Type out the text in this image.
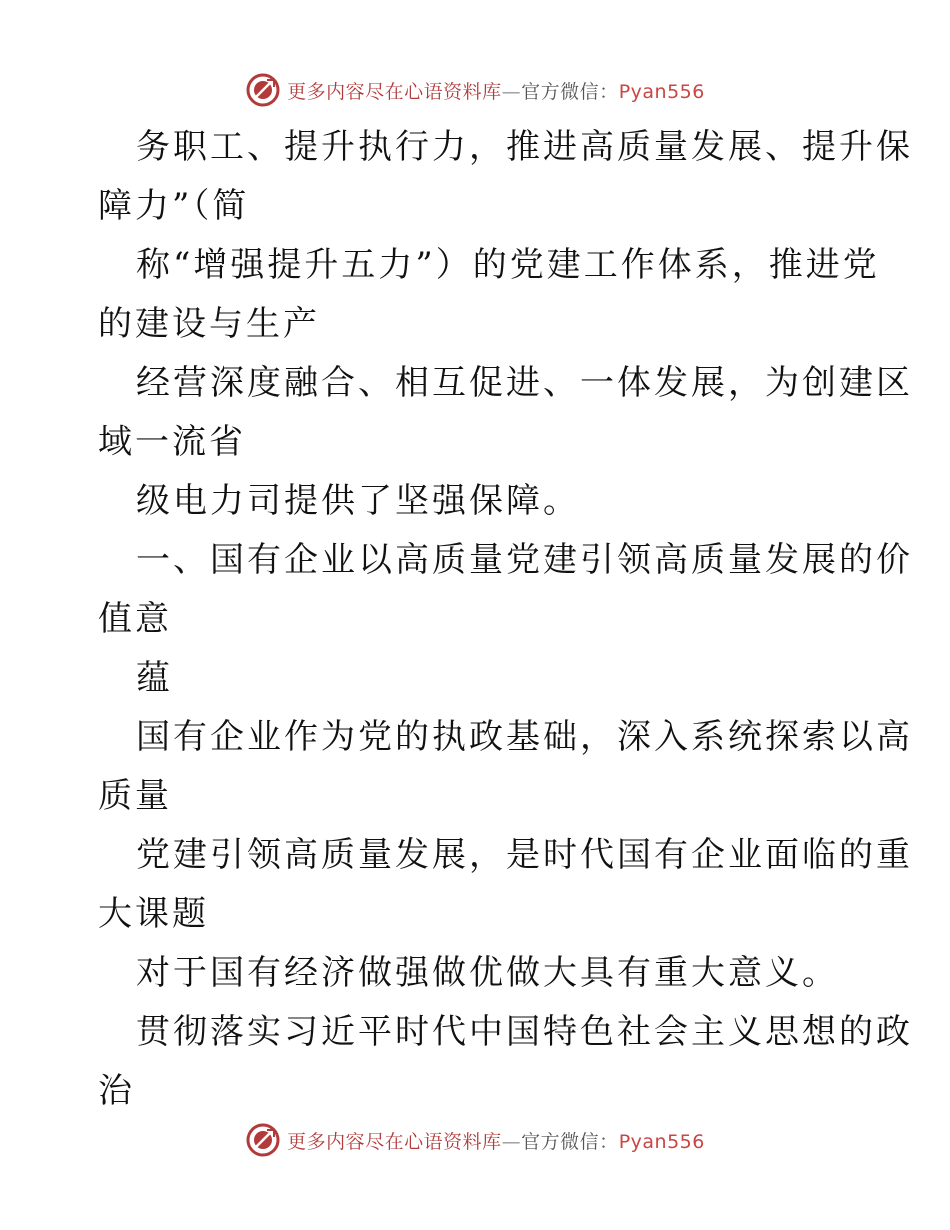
更多内容尽在心语资料库—官方微信：Pyan556
务职工、提升执行力，推进高质量发展、提升保
障力”（简
称“增强提升五力”）的党建工作体系，推进党
的建设与生产
经营深度融合、相互促进、一体发展，为创建区
域一流省
级电力司提供了坚强保障。
一、国有企业以高质量党建引领高质量发展的价
值意
蕴
国有企业作为党的执政基础，深入系统探索以高
质量
党建引领高质量发展，是时代国有企业面临的重
大课题
对于国有经济做强做优做大具有重大意义。
贯彻落实习近平时代中国特色社会主义思想的政
治
更多内容尽在心语资料库—官方微信：Pyan556
